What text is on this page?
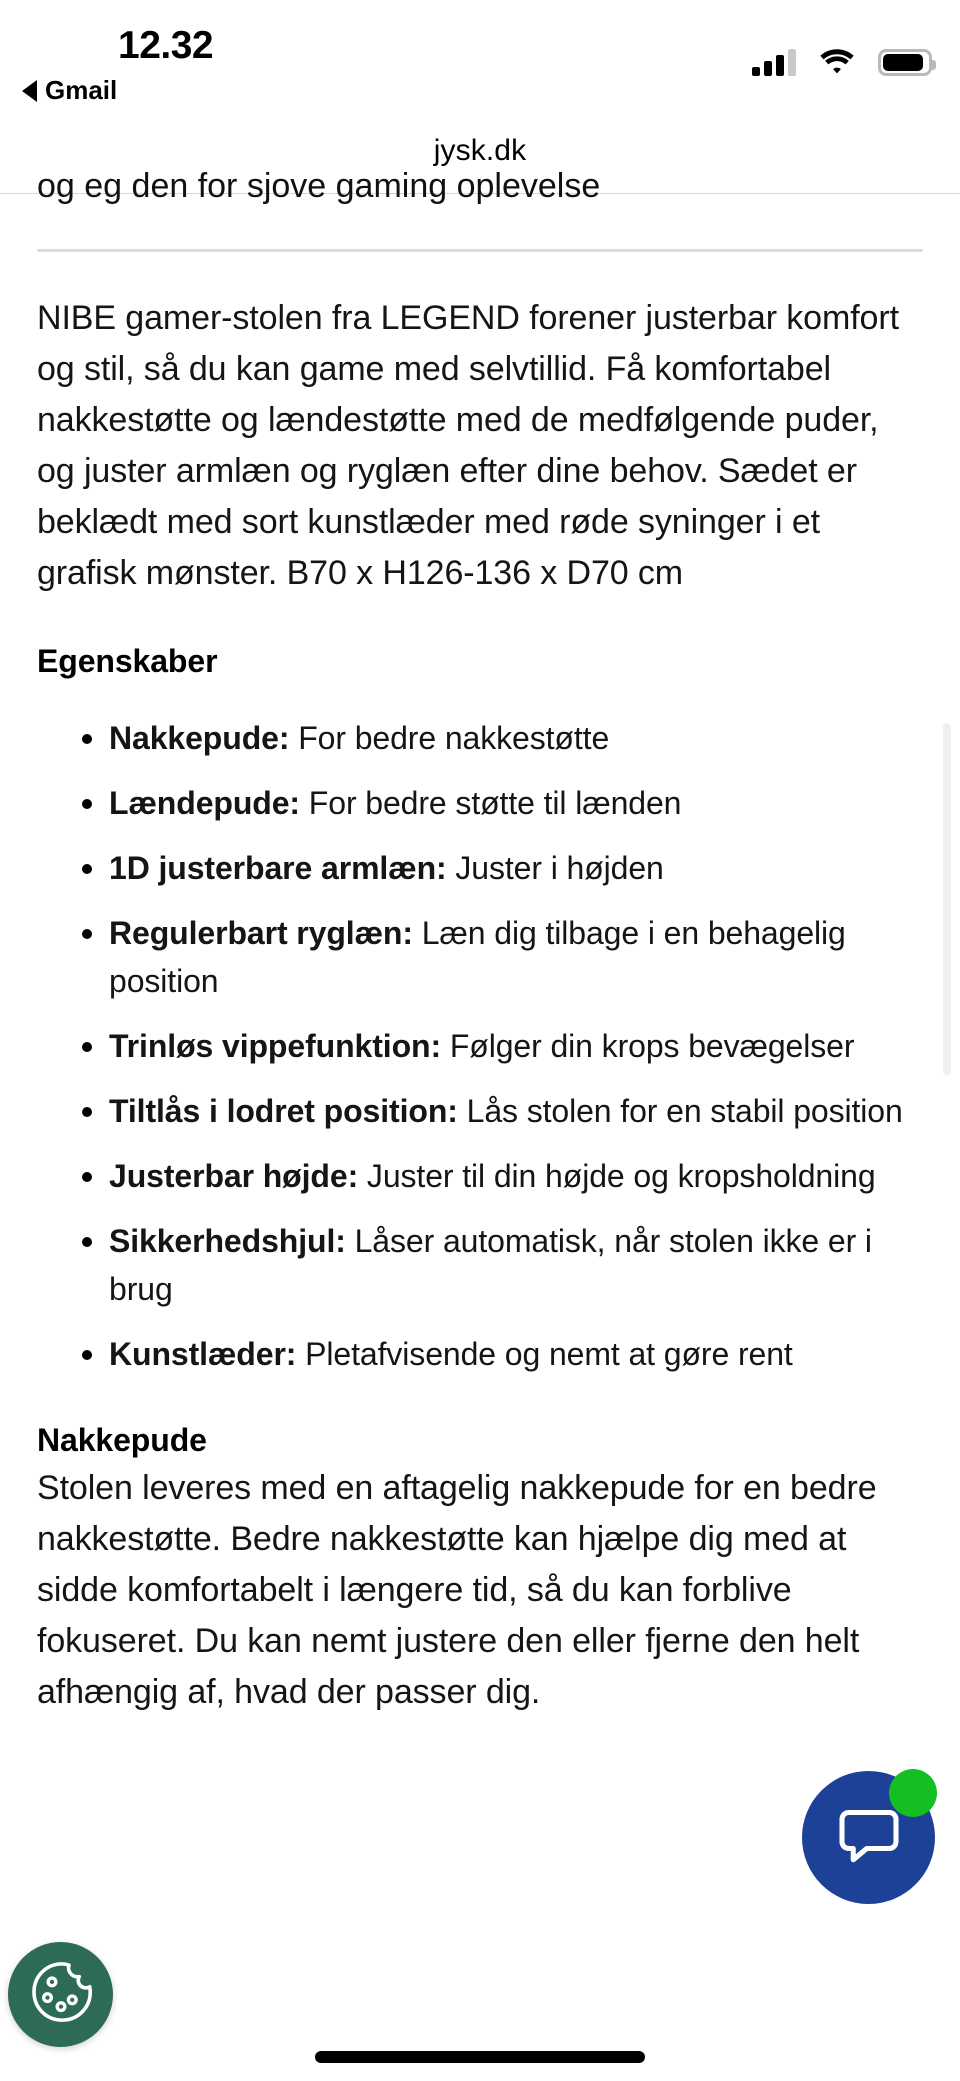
12.32
Gmail
jysk.dk
og eg den for sjove gaming oplevelse

NIBE gamer-stolen fra LEGEND forener justerbar komfort og stil, så du kan game med selvtillid. Få komfortabel nakkestøtte og lændestøtte med de medfølgende puder, og juster armlæn og ryglæn efter dine behov. Sædet er beklædt med sort kunstlæder med røde syninger i et grafisk mønster. B70 x H126-136 x D70 cm

Egenskaber
Nakkepude: For bedre nakkestøtte
Lændepude: For bedre støtte til lænden
1D justerbare armlæn: Juster i højden
Regulerbart ryglæn: Læn dig tilbage i en behagelig position
Trinløs vippefunktion: Følger din krops bevægelser
Tiltlås i lodret position: Lås stolen for en stabil position
Justerbar højde: Juster til din højde og kropsholdning
Sikkerhedshjul: Låser automatisk, når stolen ikke er i brug
Kunstlæder: Pletafvisende og nemt at gøre rent
Nakkepude

Stolen leveres med en aftagelig nakkepude for en bedre nakkestøtte. Bedre nakkestøtte kan hjælpe dig med at sidde komfortabelt i længere tid, så du kan forblive fokuseret. Du kan nemt justere den eller fjerne den helt afhængig af, hvad der passer dig.
